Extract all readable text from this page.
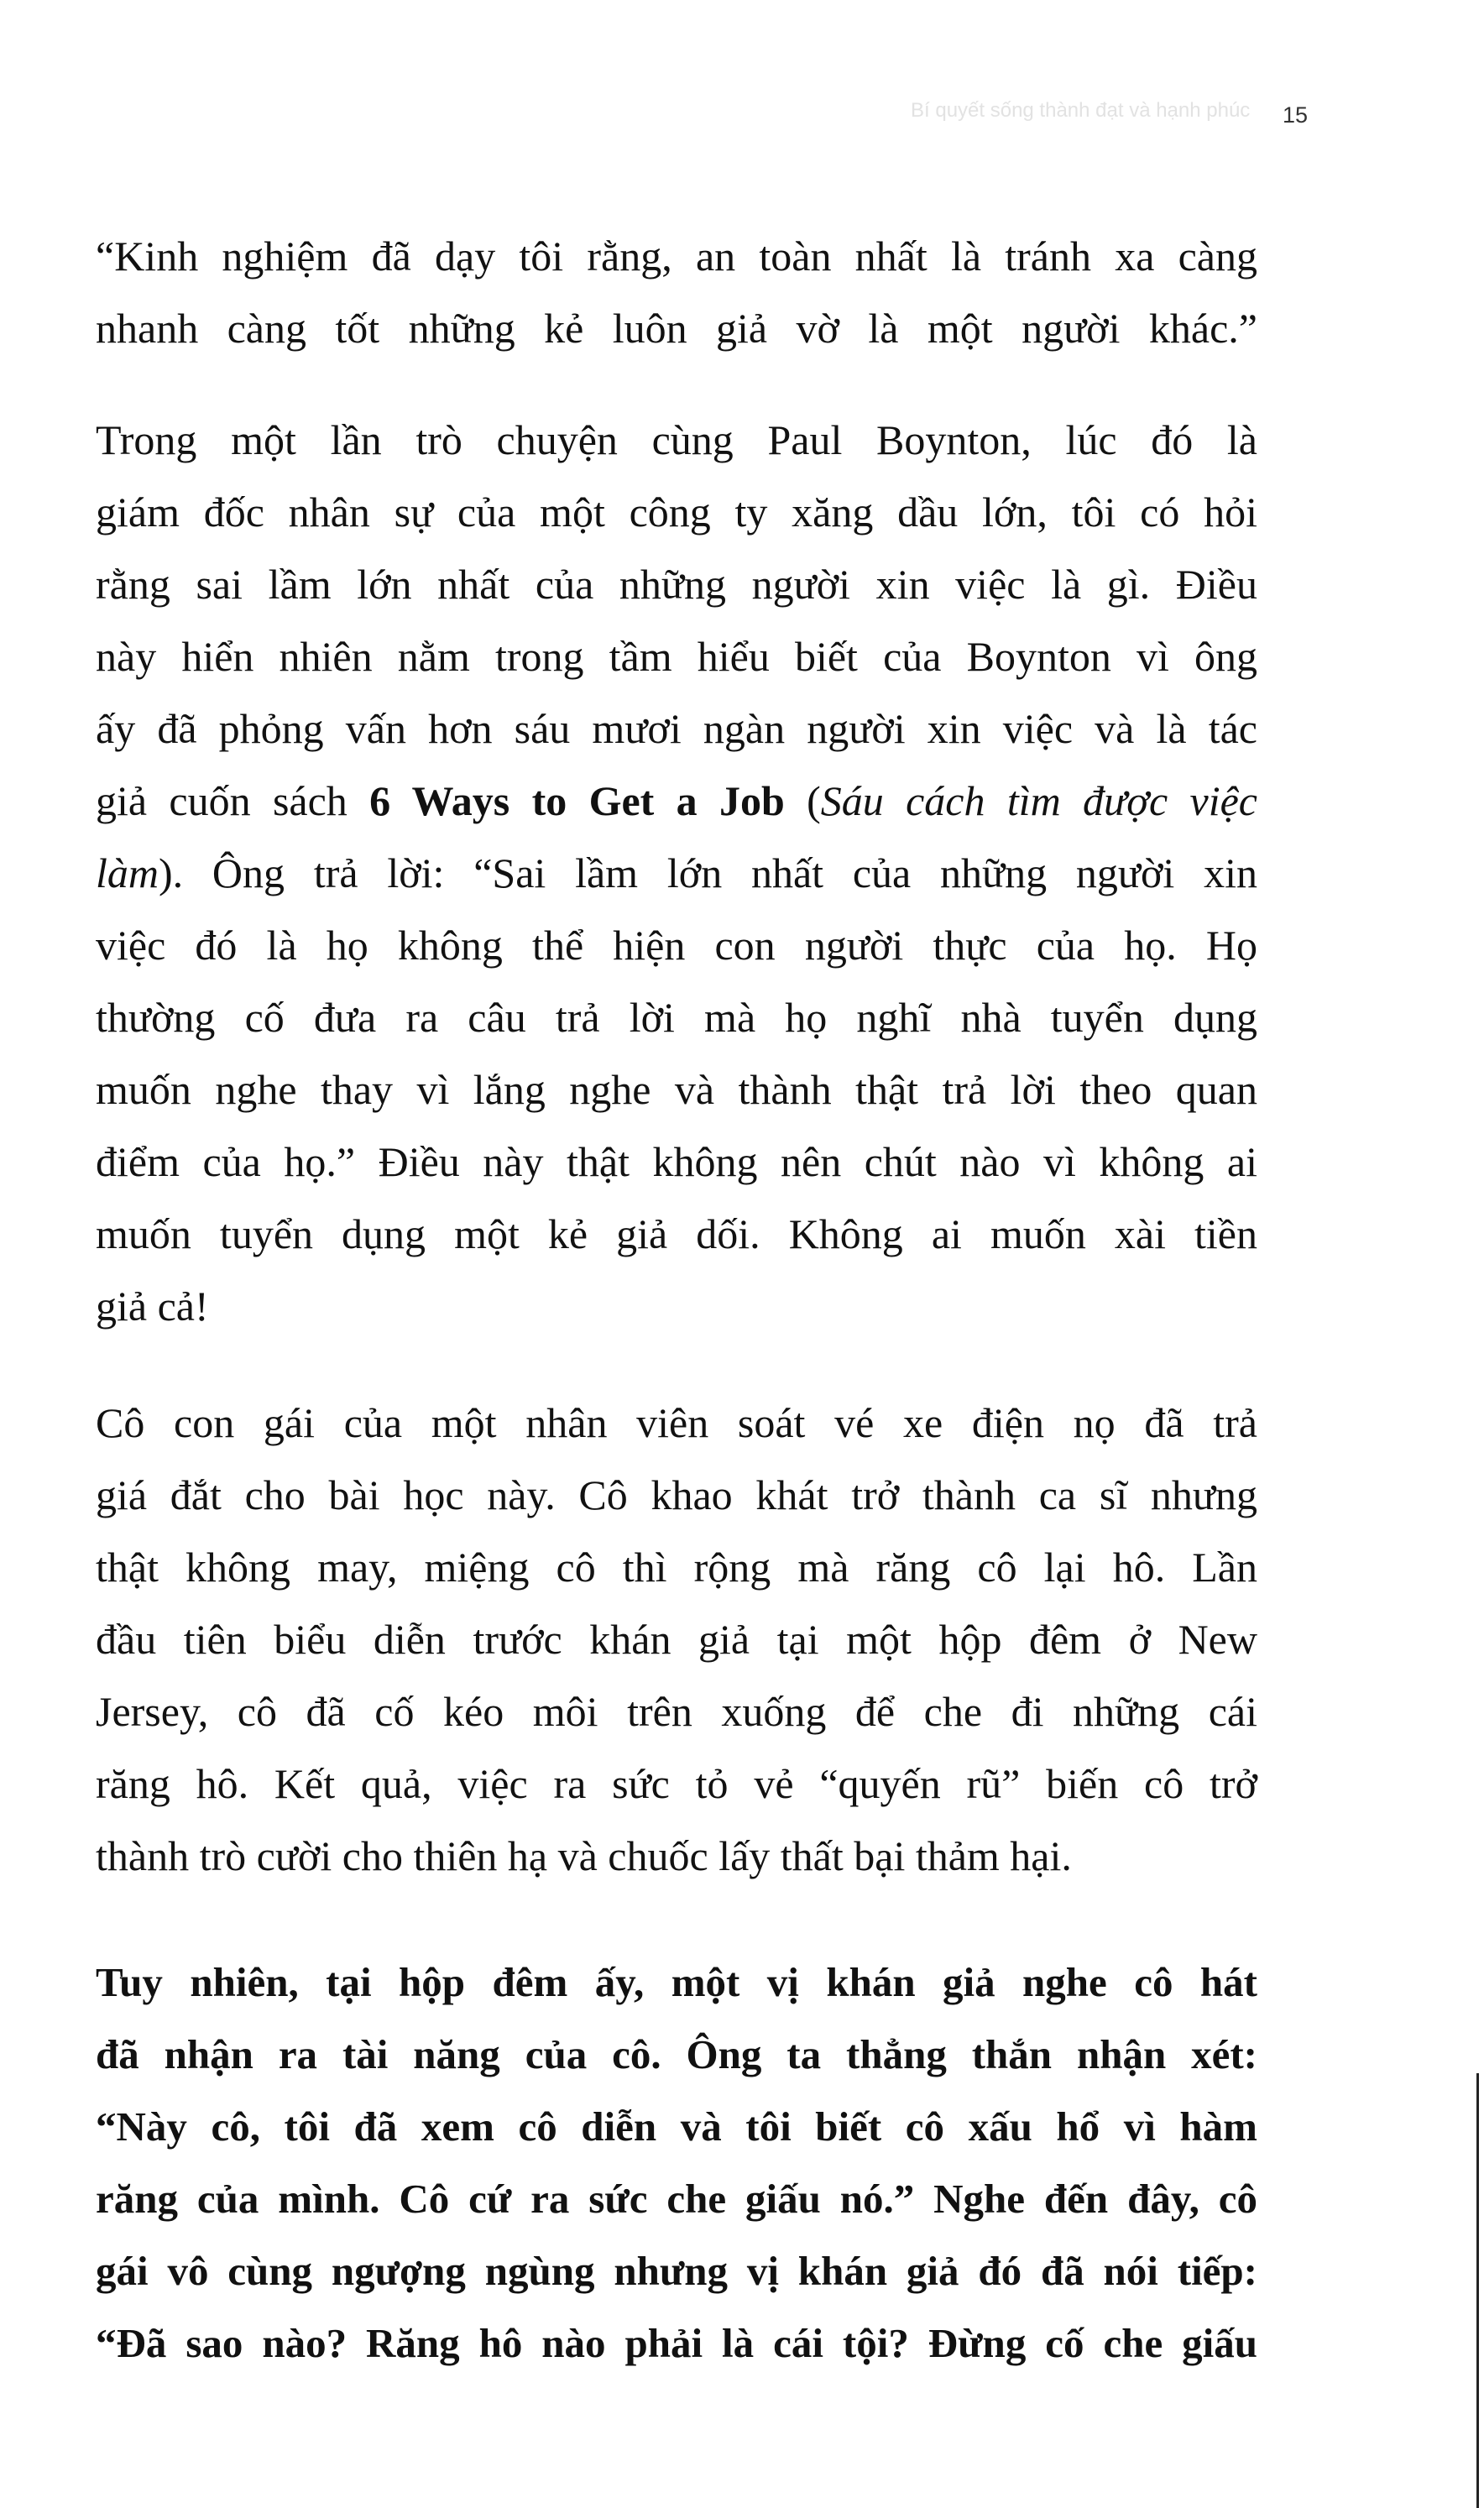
Bí quyết sống thành đạt và hạnh phúc 15
“Kinh nghiệm đã dạy tôi rằng, an toàn nhất là tránh xa càng
nhanh càng tốt những kẻ luôn giả vờ là một người khác.”
Trong một lần trò chuyện cùng Paul Boynton, lúc đó là
giám đốc nhân sự của một công ty xăng dầu lớn, tôi có hỏi
rằng sai lầm lớn nhất của những người xin việc là gì. Điều
này hiển nhiên nằm trong tầm hiểu biết của Boynton vì ông
ấy đã phỏng vấn hơn sáu mươi ngàn người xin việc và là tác
giả cuốn sách 6 Ways to Get a Job (Sáu cách tìm được việc
làm). Ông trả lời: “Sai lầm lớn nhất của những người xin
việc đó là họ không thể hiện con người thực của họ. Họ
thường cố đưa ra câu trả lời mà họ nghĩ nhà tuyển dụng
muốn nghe thay vì lắng nghe và thành thật trả lời theo quan
điểm của họ.” Điều này thật không nên chút nào vì không ai
muốn tuyển dụng một kẻ giả dối. Không ai muốn xài tiền
giả cả!
Cô con gái của một nhân viên soát vé xe điện nọ đã trả
giá đắt cho bài học này. Cô khao khát trở thành ca sĩ nhưng
thật không may, miệng cô thì rộng mà răng cô lại hô. Lần
đầu tiên biểu diễn trước khán giả tại một hộp đêm ở New
Jersey, cô đã cố kéo môi trên xuống để che đi những cái
răng hô. Kết quả, việc ra sức tỏ vẻ “quyến rũ” biến cô trở
thành trò cười cho thiên hạ và chuốc lấy thất bại thảm hại.
Tuy nhiên, tại hộp đêm ấy, một vị khán giả nghe cô hát
đã nhận ra tài năng của cô. Ông ta thẳng thắn nhận xét:
“Này cô, tôi đã xem cô diễn và tôi biết cô xấu hổ vì hàm
răng của mình. Cô cứ ra sức che giấu nó.” Nghe đến đây, cô
gái vô cùng ngượng ngùng nhưng vị khán giả đó đã nói tiếp:
“Đã sao nào? Răng hô nào phải là cái tội? Đừng cố che giấu
